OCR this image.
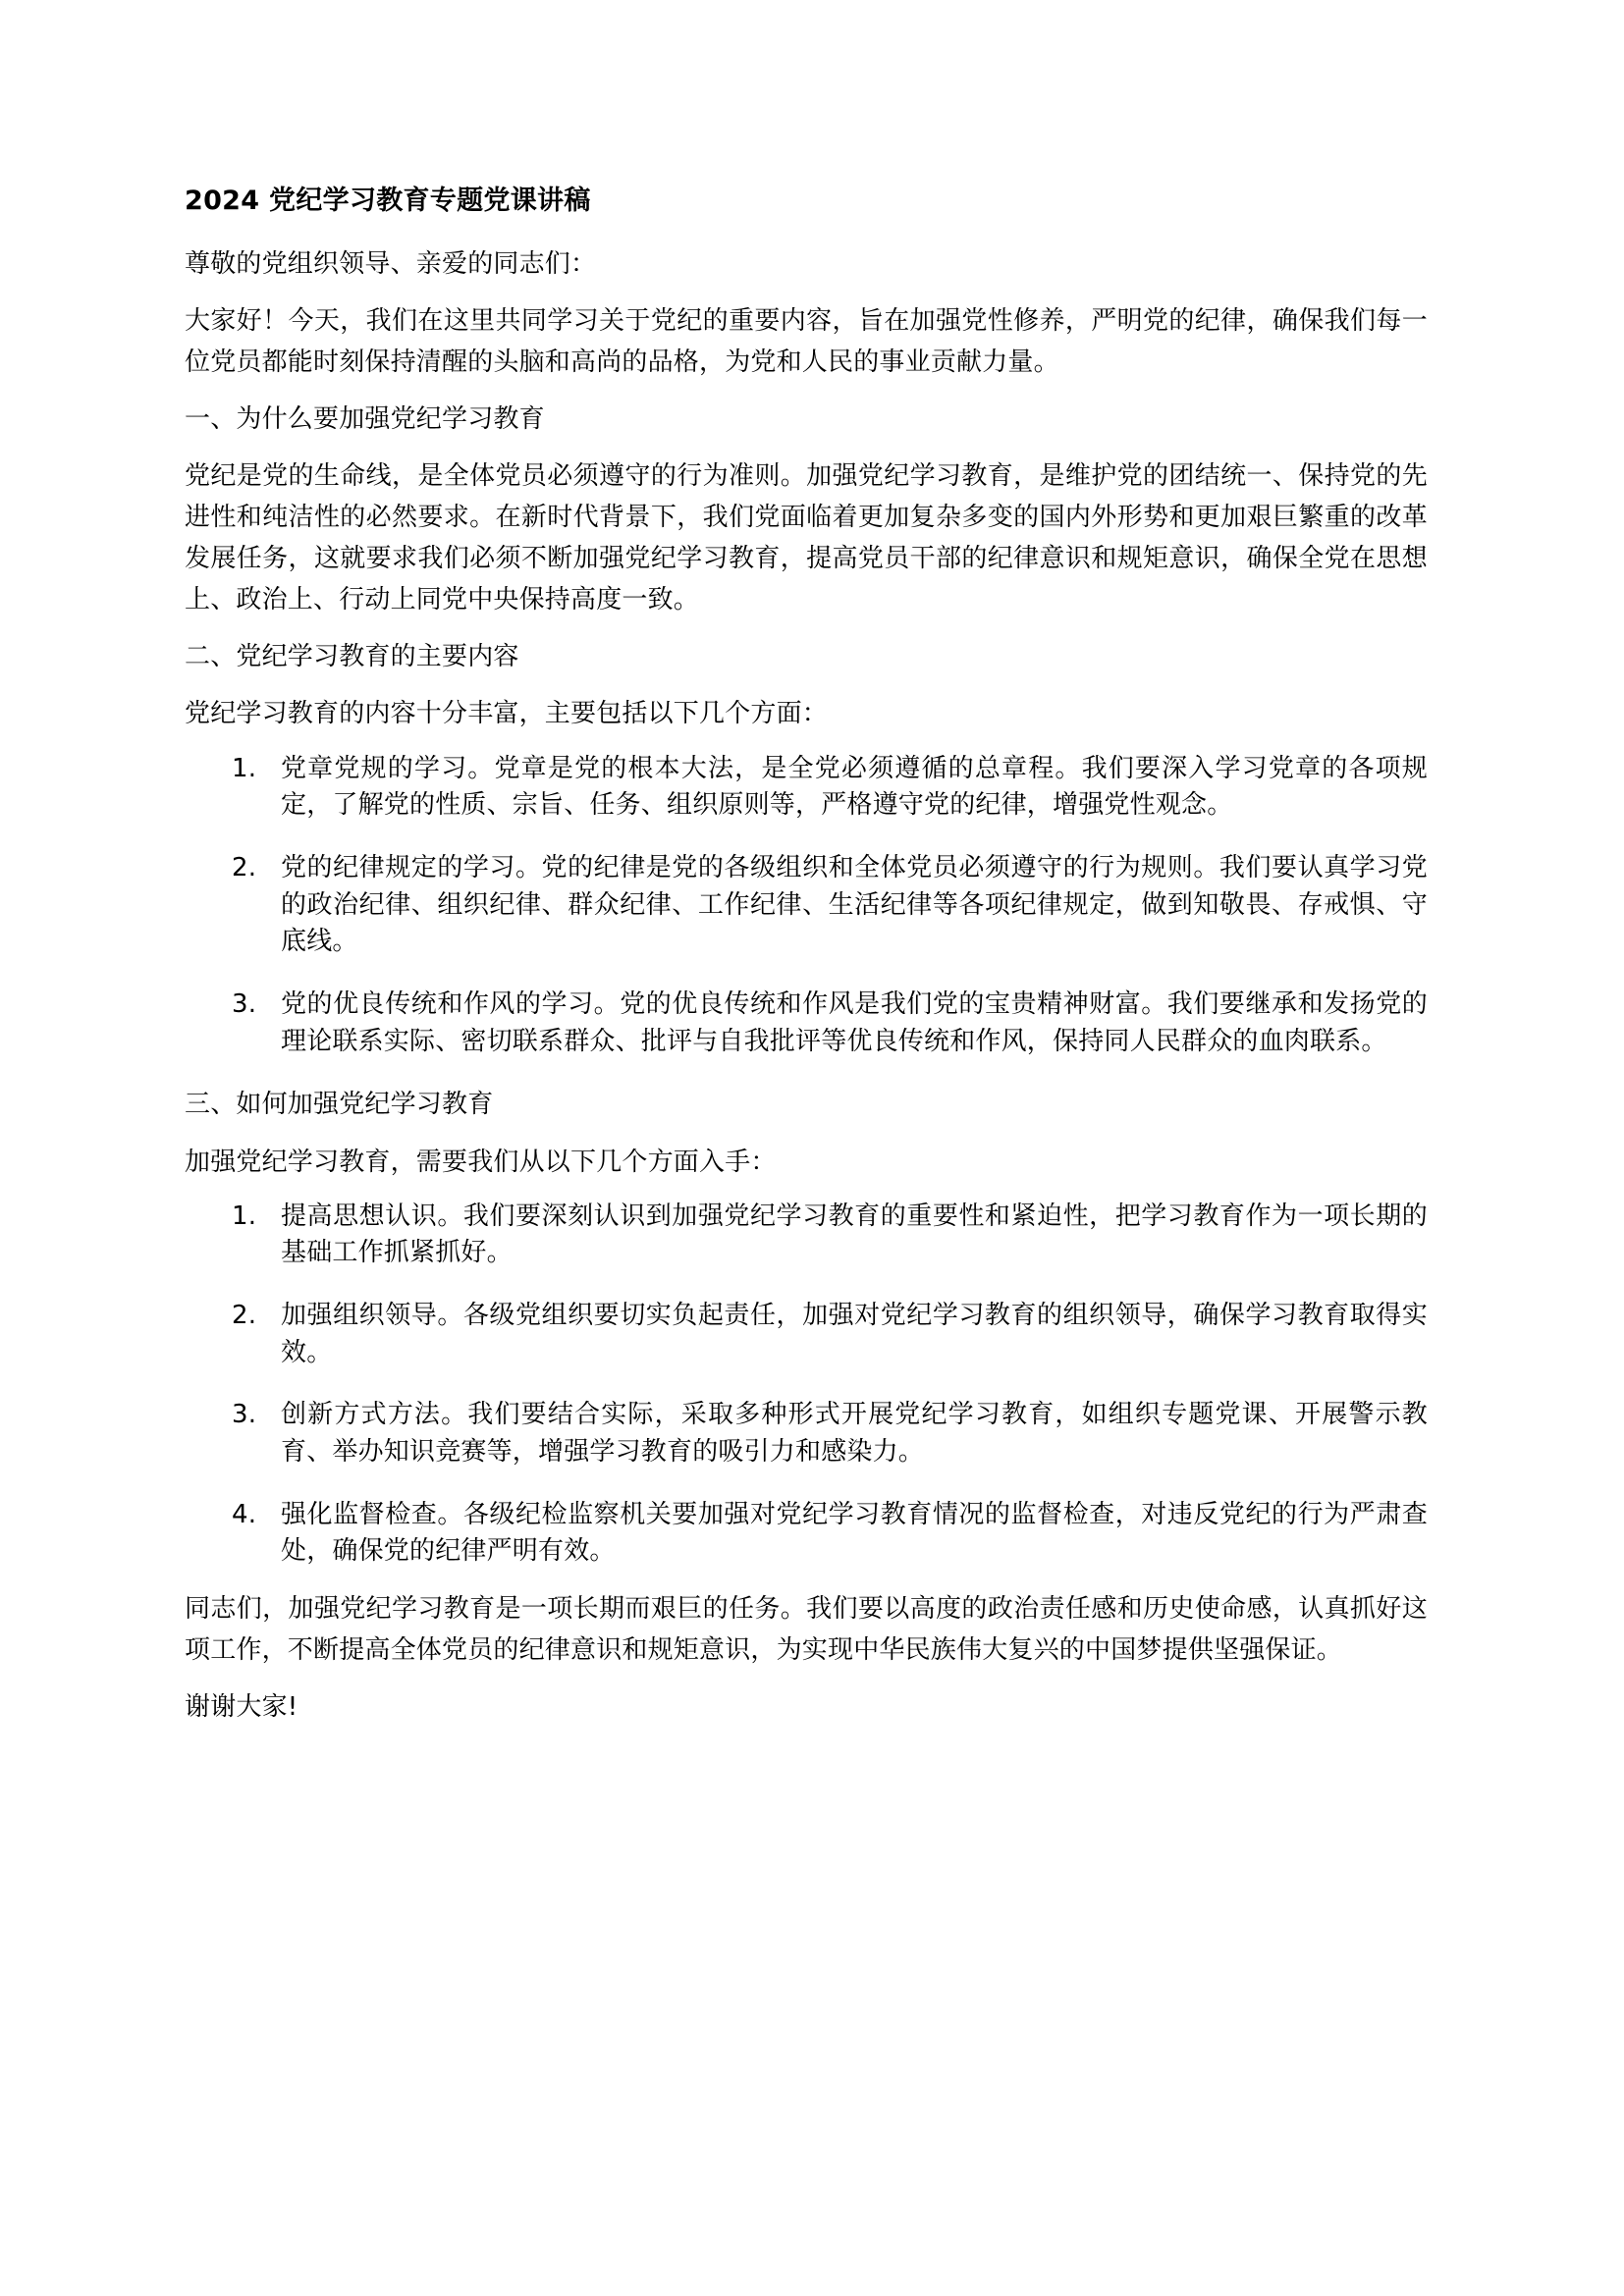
2024 党纪学习教育专题党课讲稿

尊敬的党组织领导、亲爱的同志们：

大家好！今天，我们在这里共同学习关于党纪的重要内容，旨在加强党性修养，严明党的纪律，确保我们每一位党员都能时刻保持清醒的头脑和高尚的品格，为党和人民的事业贡献力量。

一、为什么要加强党纪学习教育

党纪是党的生命线，是全体党员必须遵守的行为准则。加强党纪学习教育，是维护党的团结统一、保持党的先进性和纯洁性的必然要求。在新时代背景下，我们党面临着更加复杂多变的国内外形势和更加艰巨繁重的改革发展任务，这就要求我们必须不断加强党纪学习教育，提高党员干部的纪律意识和规矩意识，确保全党在思想上、政治上、行动上同党中央保持高度一致。

二、党纪学习教育的主要内容

党纪学习教育的内容十分丰富，主要包括以下几个方面：

党章党规的学习。党章是党的根本大法，是全党必须遵循的总章程。我们要深入学习党章的各项规定，了解党的性质、宗旨、任务、组织原则等，严格遵守党的纪律，增强党性观念。
党的纪律规定的学习。党的纪律是党的各级组织和全体党员必须遵守的行为规则。我们要认真学习党的政治纪律、组织纪律、群众纪律、工作纪律、生活纪律等各项纪律规定，做到知敬畏、存戒惧、守底线。
党的优良传统和作风的学习。党的优良传统和作风是我们党的宝贵精神财富。我们要继承和发扬党的理论联系实际、密切联系群众、批评与自我批评等优良传统和作风，保持同人民群众的血肉联系。

三、如何加强党纪学习教育

加强党纪学习教育，需要我们从以下几个方面入手：

提高思想认识。我们要深刻认识到加强党纪学习教育的重要性和紧迫性，把学习教育作为一项长期的基础工作抓紧抓好。
加强组织领导。各级党组织要切实负起责任，加强对党纪学习教育的组织领导，确保学习教育取得实效。
创新方式方法。我们要结合实际，采取多种形式开展党纪学习教育，如组织专题党课、开展警示教育、举办知识竞赛等，增强学习教育的吸引力和感染力。
强化监督检查。各级纪检监察机关要加强对党纪学习教育情况的监督检查，对违反党纪的行为严肃查处，确保党的纪律严明有效。

同志们，加强党纪学习教育是一项长期而艰巨的任务。我们要以高度的政治责任感和历史使命感，认真抓好这项工作，不断提高全体党员的纪律意识和规矩意识，为实现中华民族伟大复兴的中国梦提供坚强保证。

谢谢大家!
